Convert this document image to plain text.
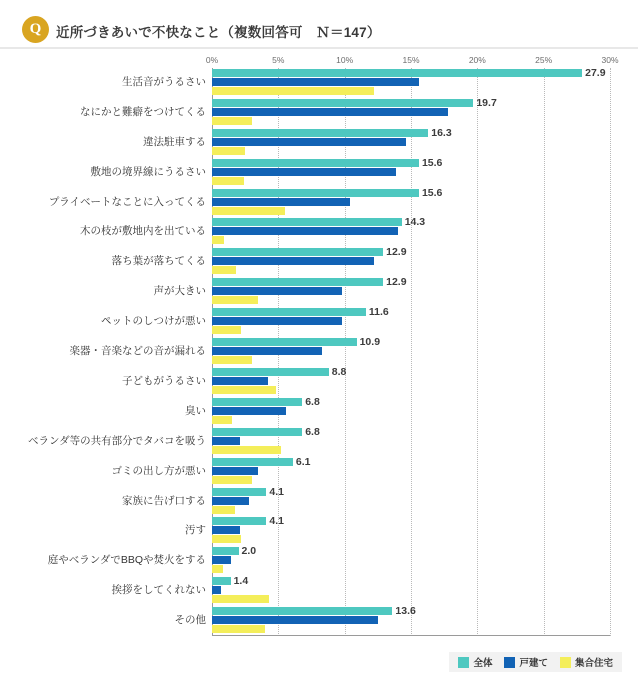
Q	近所づきあいで不快なこと（複数回答可　Ｎ＝147）
0%	5%	10%	15%	20%	25%	30%
生活音がうるさい
27.9
なにかと難癖をつけてくる
19.7
違法駐車する
16.3
敷地の境界線にうるさい
15.6
プライベートなことに入ってくる
15.6
木の枝が敷地内を出ている
14.3
落ち葉が落ちてくる
12.9
声が大きい
12.9
ペットのしつけが悪い
11.6
楽器・音楽などの音が漏れる
10.9
子どもがうるさい
8.8
臭い
6.8
ベランダ等の共有部分でタバコを吸う
6.8
ゴミの出し方が悪い
6.1
家族に告げ口する
4.1
汚す
4.1
庭やベランダでBBQや焚火をする
2.0
挨拶をしてくれない
1.4
その他
13.6
全体	戸建て	集合住宅
